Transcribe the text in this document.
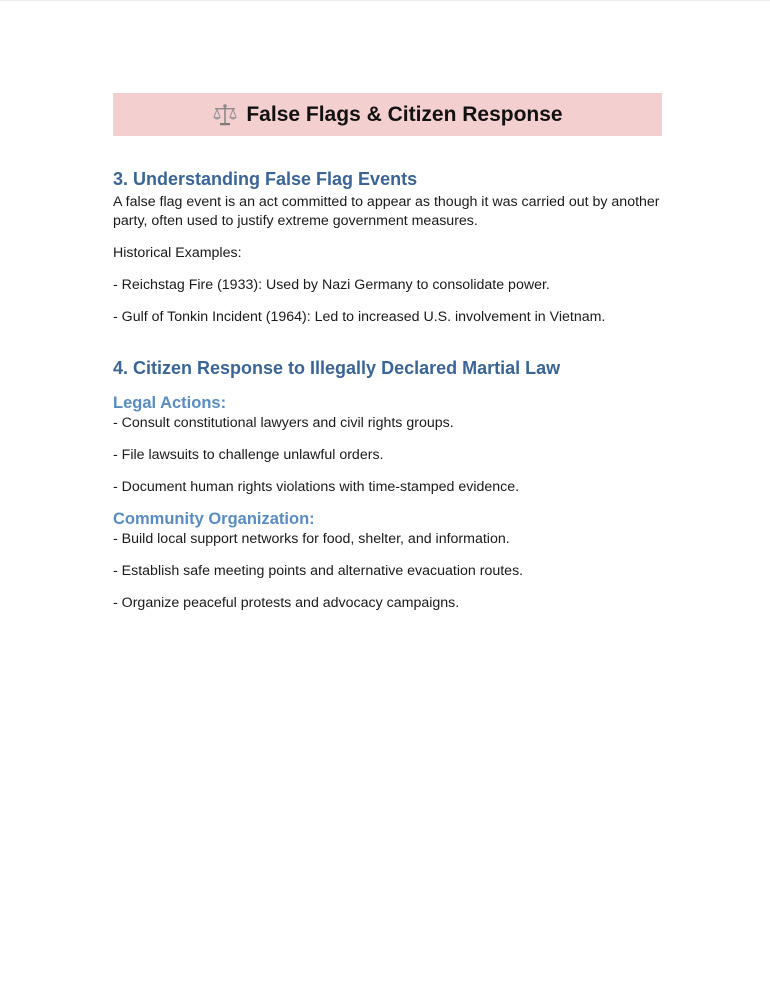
False Flags & Citizen Response
3. Understanding False Flag Events

A false flag event is an act committed to appear as though it was carried out by another party, often used to justify extreme government measures.

Historical Examples:

- Reichstag Fire (1933): Used by Nazi Germany to consolidate power.

- Gulf of Tonkin Incident (1964): Led to increased U.S. involvement in Vietnam.

4. Citizen Response to Illegally Declared Martial Law
Legal Actions:

- Consult constitutional lawyers and civil rights groups.

- File lawsuits to challenge unlawful orders.

- Document human rights violations with time-stamped evidence.

Community Organization:

- Build local support networks for food, shelter, and information.

- Establish safe meeting points and alternative evacuation routes.

- Organize peaceful protests and advocacy campaigns.
